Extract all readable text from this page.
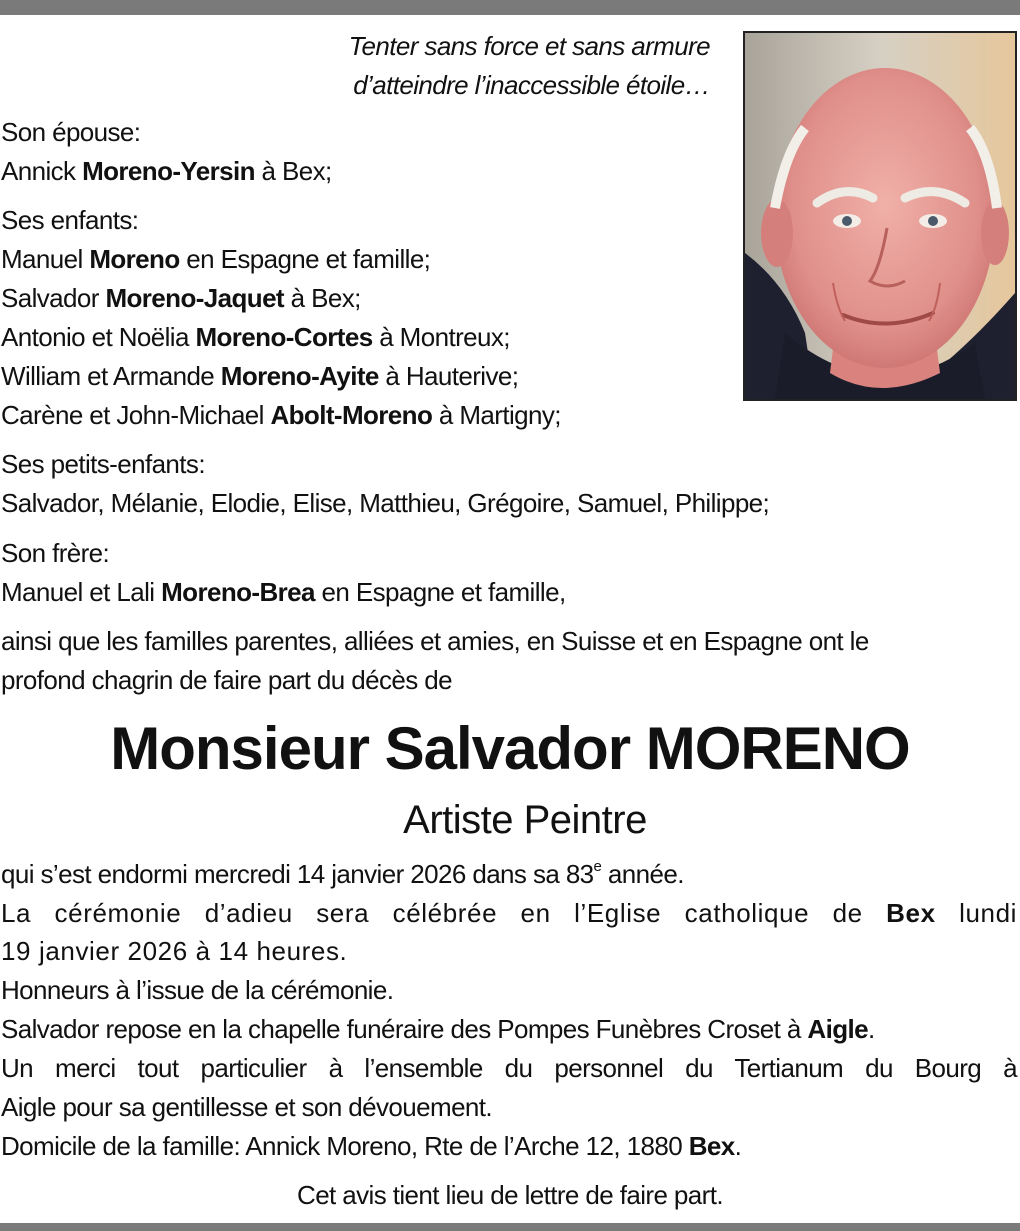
Tenter sans force et sans armure
d’atteindre l’inaccessible étoile…
Son épouse:
Annick Moreno-Yersin à Bex;
Ses enfants:
Manuel Moreno en Espagne et famille;
Salvador Moreno-Jaquet à Bex;
Antonio et Noëlia Moreno-Cortes à Montreux;
William et Armande Moreno-Ayite à Hauterive;
Carène et John-Michael Abolt-Moreno à Martigny;
Ses petits-enfants:
Salvador, Mélanie, Elodie, Elise, Matthieu, Grégoire, Samuel, Philippe;
Son frère:
Manuel et Lali Moreno-Brea en Espagne et famille,
ainsi que les familles parentes, alliées et amies, en Suisse et en Espagne ont le
profond chagrin de faire part du décès de
Monsieur Salvador MORENO
Artiste Peintre
qui s’est endormi mercredi 14 janvier 2026 dans sa 83e année.
La cérémonie d’adieu sera célébrée en l’Eglise catholique de Bex lundi
19 janvier 2026 à 14 heures.
Honneurs à l’issue de la cérémonie.
Salvador repose en la chapelle funéraire des Pompes Funèbres Croset à Aigle.
Un merci tout particulier à l’ensemble du personnel du Tertianum du Bourg à
Aigle pour sa gentillesse et son dévouement.
Domicile de la famille: Annick Moreno, Rte de l’Arche 12, 1880 Bex.
Cet avis tient lieu de lettre de faire part.
